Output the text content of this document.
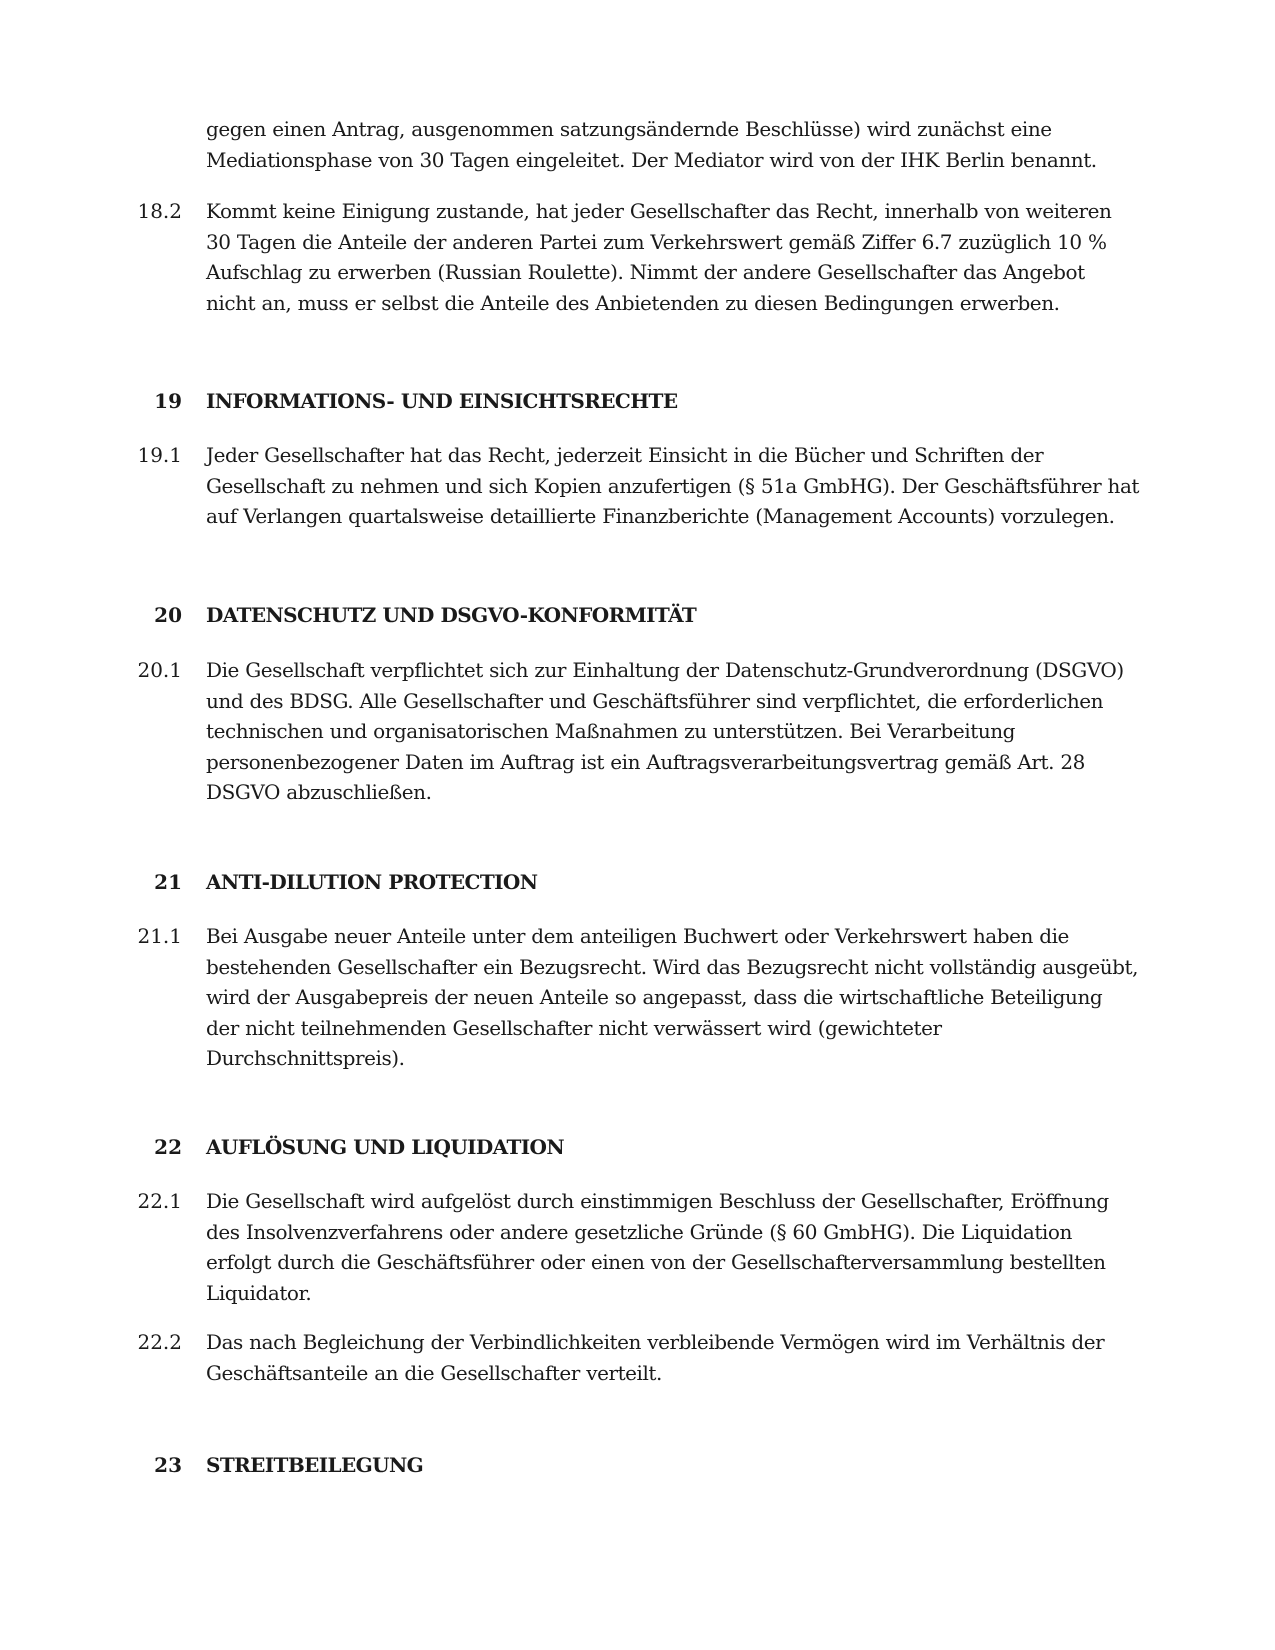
gegen einen Antrag, ausgenommen satzungsändernde Beschlüsse) wird zunächst eine
Mediationsphase von 30 Tagen eingeleitet. Der Mediator wird von der IHK Berlin benannt.
18.2 Kommt keine Einigung zustande, hat jeder Gesellschafter das Recht, innerhalb von weiteren
30 Tagen die Anteile der anderen Partei zum Verkehrswert gemäß Ziffer 6.7 zuzüglich 10 %
Aufschlag zu erwerben (Russian Roulette). Nimmt der andere Gesellschafter das Angebot
nicht an, muss er selbst die Anteile des Anbietenden zu diesen Bedingungen erwerben.
19 INFORMATIONS- UND EINSICHTSRECHTE
19.1 Jeder Gesellschafter hat das Recht, jederzeit Einsicht in die Bücher und Schriften der
Gesellschaft zu nehmen und sich Kopien anzufertigen (§ 51a GmbHG). Der Geschäftsführer hat
auf Verlangen quartalsweise detaillierte Finanzberichte (Management Accounts) vorzulegen.
20 DATENSCHUTZ UND DSGVO-KONFORMITÄT
20.1 Die Gesellschaft verpflichtet sich zur Einhaltung der Datenschutz-Grundverordnung (DSGVO)
und des BDSG. Alle Gesellschafter und Geschäftsführer sind verpflichtet, die erforderlichen
technischen und organisatorischen Maßnahmen zu unterstützen. Bei Verarbeitung
personenbezogener Daten im Auftrag ist ein Auftragsverarbeitungsvertrag gemäß Art. 28
DSGVO abzuschließen.
21 ANTI-DILUTION PROTECTION
21.1 Bei Ausgabe neuer Anteile unter dem anteiligen Buchwert oder Verkehrswert haben die
bestehenden Gesellschafter ein Bezugsrecht. Wird das Bezugsrecht nicht vollständig ausgeübt,
wird der Ausgabepreis der neuen Anteile so angepasst, dass die wirtschaftliche Beteiligung
der nicht teilnehmenden Gesellschafter nicht verwässert wird (gewichteter
Durchschnittspreis).
22 AUFLÖSUNG UND LIQUIDATION
22.1 Die Gesellschaft wird aufgelöst durch einstimmigen Beschluss der Gesellschafter, Eröffnung
des Insolvenzverfahrens oder andere gesetzliche Gründe (§ 60 GmbHG). Die Liquidation
erfolgt durch die Geschäftsführer oder einen von der Gesellschafterversammlung bestellten
Liquidator.
22.2 Das nach Begleichung der Verbindlichkeiten verbleibende Vermögen wird im Verhältnis der
Geschäftsanteile an die Gesellschafter verteilt.
23 STREITBEILEGUNG
